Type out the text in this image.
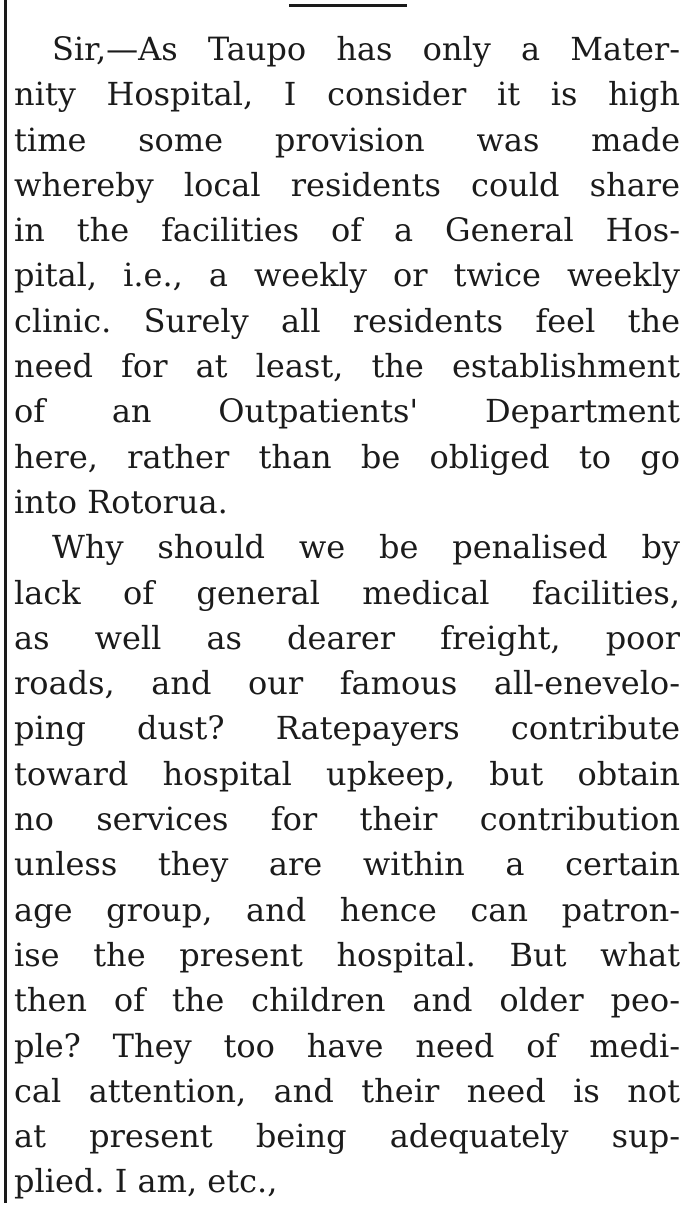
Sir,—As Taupo has only a Mater-
nity Hospital, I consider it is high
time some provision was made
whereby local residents could share
in the facilities of a General Hos-
pital, i.e., a weekly or twice weekly
clinic. Surely all residents feel the
need for at least, the establishment
of an Outpatients' Department
here, rather than be obliged to go
into Rotorua.
Why should we be penalised by
lack of general medical facilities,
as well as dearer freight, poor
roads, and our famous all-enevelo-
ping dust? Ratepayers contribute
toward hospital upkeep, but obtain
no services for their contribution
unless they are within a certain
age group, and hence can patron-
ise the present hospital. But what
then of the children and older peo-
ple? They too have need of medi-
cal attention, and their need is not
at present being adequately sup-
plied. I am, etc.,
